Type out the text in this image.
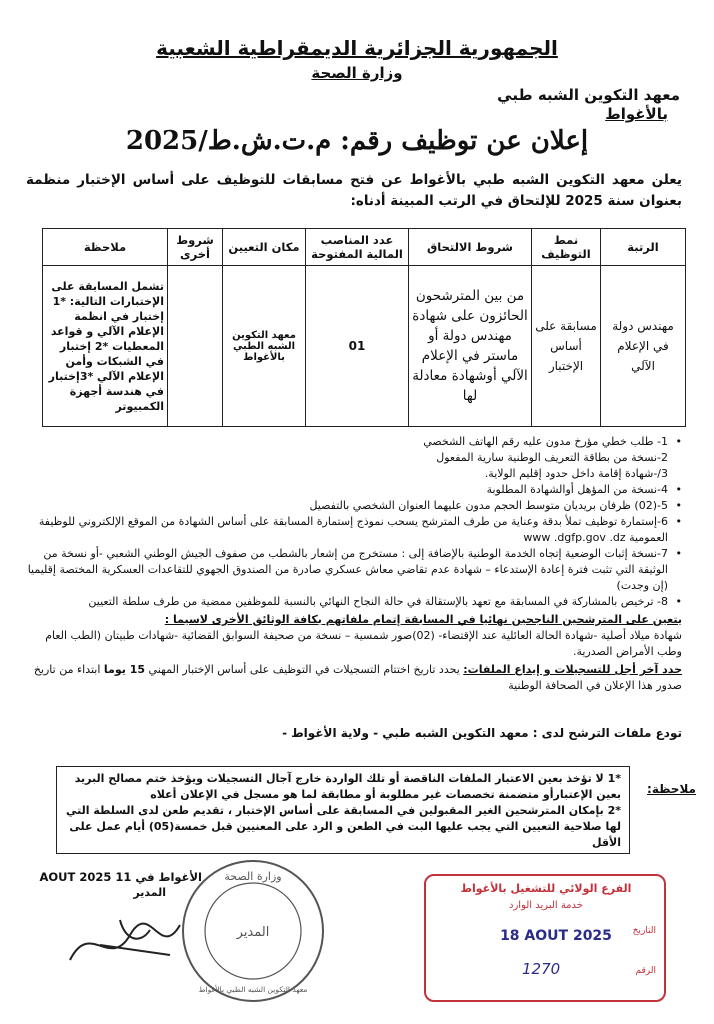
الجمهورية الجزائرية الديمقراطية الشعبية
وزارة الصحة
معهد التكوين الشبه طبي
بالأغواط
إعلان عن توظيف رقم: م.ت.ش.ط/2025
يعلن معهد التكوين الشبه طبي بالأغواط عن فتح مسابقات للتوظيف على أساس الإختبار منظمة بعنوان سنة 2025 للإلتحاق في الرتب المبينة أدناه:
الرتبة	نمط التوظيف	شروط الالتحاق	عدد المناصب المالية المفتوحة	مكان التعيين	شروط أخرى	ملاحظة
مهندس دولة في الإعلام الآلي	مسابقة على أساس الإختبار	من بين المترشحون الحائزون على شهادة مهندس دولة أو ماستر في الإعلام الآلي أوشهادة معادلة لها	01	معهد التكوين الشبه الطبي بالأغواط		تشمل المسابقة على الإختبارات التالية: *1 إختبار في انظمة الإعلام الآلي و قواعد المعطيات *2 إختبار في الشبكات وأمن الإعلام الآلي *3إختبار في هندسة أجهزة الكمبيوتر
•
1- طلب خطي مؤرخ مدون عليه رقم الهاتف الشخصي
2-نسخة من بطاقة التعريف الوطنية سارية المفعول
3/-شهادة إقامة داخل حدود إقليم الولاية.
•
4-نسخة من المؤهل أوالشهادة المطلوبة
•
5-(02) ظرفان بريديان متوسط الحجم مدون عليهما العنوان الشخصي بالتفصيل
•
6-إستمارة توظيف تملأ بدقة وعناية من طرف المترشح يسحب نموذج إستمارة المسابقة على أساس الشهادة من الموقع الإلكتروني للوظيفة العمومية www .dgfp.gov .dz
•
7-نسخة إثبات الوضعية إتجاه الخدمة الوطنية بالإضافة إلى : مستخرج من إشعار بالشطب من صفوف الجيش الوطني الشعبي -أو نسخة من الوثيقة التي تثبت فترة إعادة الإستدعاء – شهادة عدم تقاضي معاش عسكري صادرة من الصندوق الجهوي للتقاعدات العسكرية المختصة إقليميا (إن وجدت)
•
8- ترخيص بالمشاركة في المسابقة مع تعهد بالإستقالة في حالة النجاح النهائي بالنسبة للموظفين ممضية من طرف سلطة التعيين
يتعين على المترشحين الناجحين نهائيا في المسابقة إتمام ملفاتهم بكافة الوثائق الأخرى لاسيما :
شهادة ميلاد أصلية -شهادة الحالة العائلية عند الإقتضاء- (02)صور شمسية – نسخة من صحيفة السوابق القضائية -شهادات طبيتان (الطب العام وطب الأمراض الصدرية.
حدد آخر أجل للتسجيلات و إيداع الملفات: يحدد تاريخ اختتام التسجيلات في التوظيف على أساس الإختبار المهني 15 يوما ابتداء من تاريخ صدور هذا الإعلان في الصحافة الوطنية
تودع ملفات الترشح لدى : معهد التكوين الشبه طبي - ولاية الأغواط -
ملاحظة:
*1 لا تؤخذ بعين الاعتبار الملفات الناقصة أو تلك الواردة خارج آجال التسجيلات ويؤخذ ختم مصالح البريد بعين الإعتبارأو متضمنة تخصصات غير مطلوبة أو مطابقة لما هو مسجل في الإعلان أعلاه
*2 بإمكان المترشحين الغير المقبولين في المسابقة على أساس الإختبار ، تقديم طعن لدى السلطة التي لها صلاحية التعيين التي يجب عليها البت في الطعن و الرد على المعنيين قبل خمسة(05) أيام عمل على الأقل
الأغواط في 11 AOUT 2025
المدير
وزارة الصحة
المدير
معهد التكوين الشبه الطبي بالأغواط
الفرع الولائي للتشغيل بالأغواط
خدمة البريد الوارد
التاريخ
18 AOUT 2025
الرقم
1270
